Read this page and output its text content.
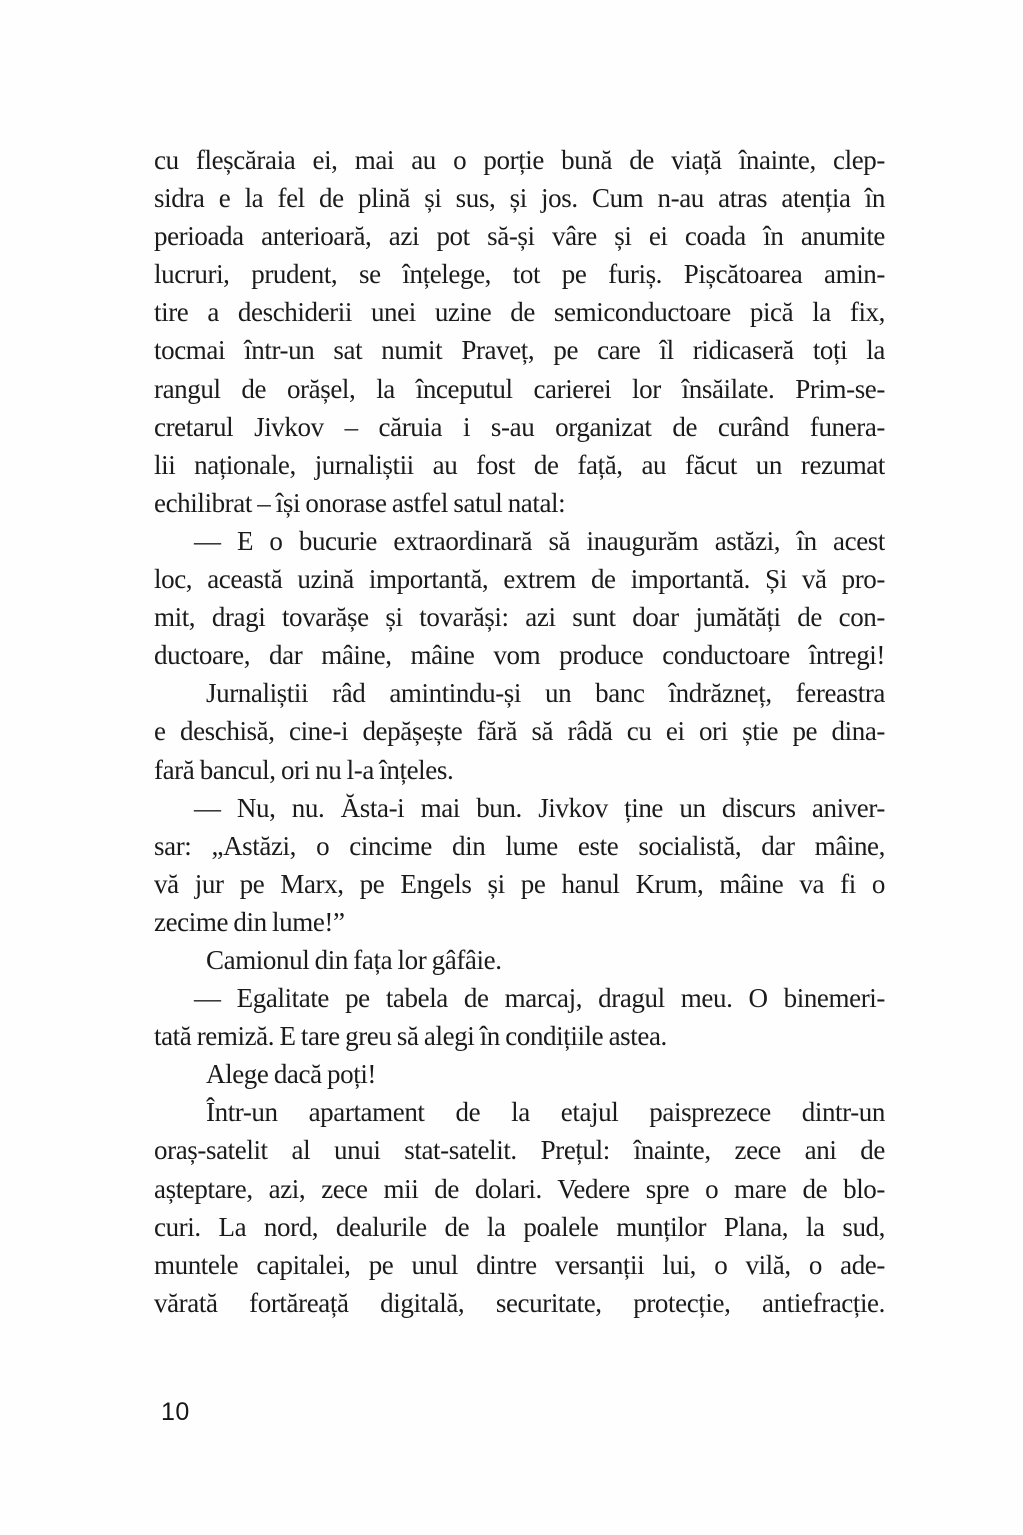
cu fleșcăraia ei, mai au o porție bună de viață înainte, clep-
sidra e la fel de plină și sus, și jos. Cum n-au atras atenția în
perioada anterioară, azi pot să-și vâre și ei coada în anumite
lucruri, prudent, se înțelege, tot pe furiș. Pișcătoarea amin-
tire a deschiderii unei uzine de semiconductoare pică la fix,
tocmai într-un sat numit Praveț, pe care îl ridicaseră toți la
rangul de orășel, la începutul carierei lor însăilate. Prim-se-
cretarul Jivkov – căruia i s-au organizat de curând funera-
lii naționale, jurnaliștii au fost de față, au făcut un rezumat
echilibrat – își onorase astfel satul natal:
— E o bucurie extraordinară să inaugurăm astăzi, în acest
loc, această uzină importantă, extrem de importantă. Și vă pro-
mit, dragi tovarășe și tovarăși: azi sunt doar jumătăți de con-
ductoare, dar mâine, mâine vom produce conductoare întregi!
Jurnaliștii râd amintindu-și un banc îndrăzneț, fereastra
e deschisă, cine-i depășește fără să râdă cu ei ori știe pe dina-
fară bancul, ori nu l-a înțeles.
— Nu, nu. Ăsta-i mai bun. Jivkov ține un discurs aniver-
sar: „Astăzi, o cincime din lume este socialistă, dar mâine,
vă jur pe Marx, pe Engels și pe hanul Krum, mâine va fi o
zecime din lume!”
Camionul din fața lor gâfâie.
— Egalitate pe tabela de marcaj, dragul meu. O binemeri-
tată remiză. E tare greu să alegi în condițiile astea.
Alege dacă poți!
Într-un apartament de la etajul paisprezece dintr-un
oraș-satelit al unui stat-satelit. Prețul: înainte, zece ani de
așteptare, azi, zece mii de dolari. Vedere spre o mare de blo-
curi. La nord, dealurile de la poalele munților Plana, la sud,
muntele capitalei, pe unul dintre versanții lui, o vilă, o ade-
vărată fortăreață digitală, securitate, protecție, antiefracție.
10
